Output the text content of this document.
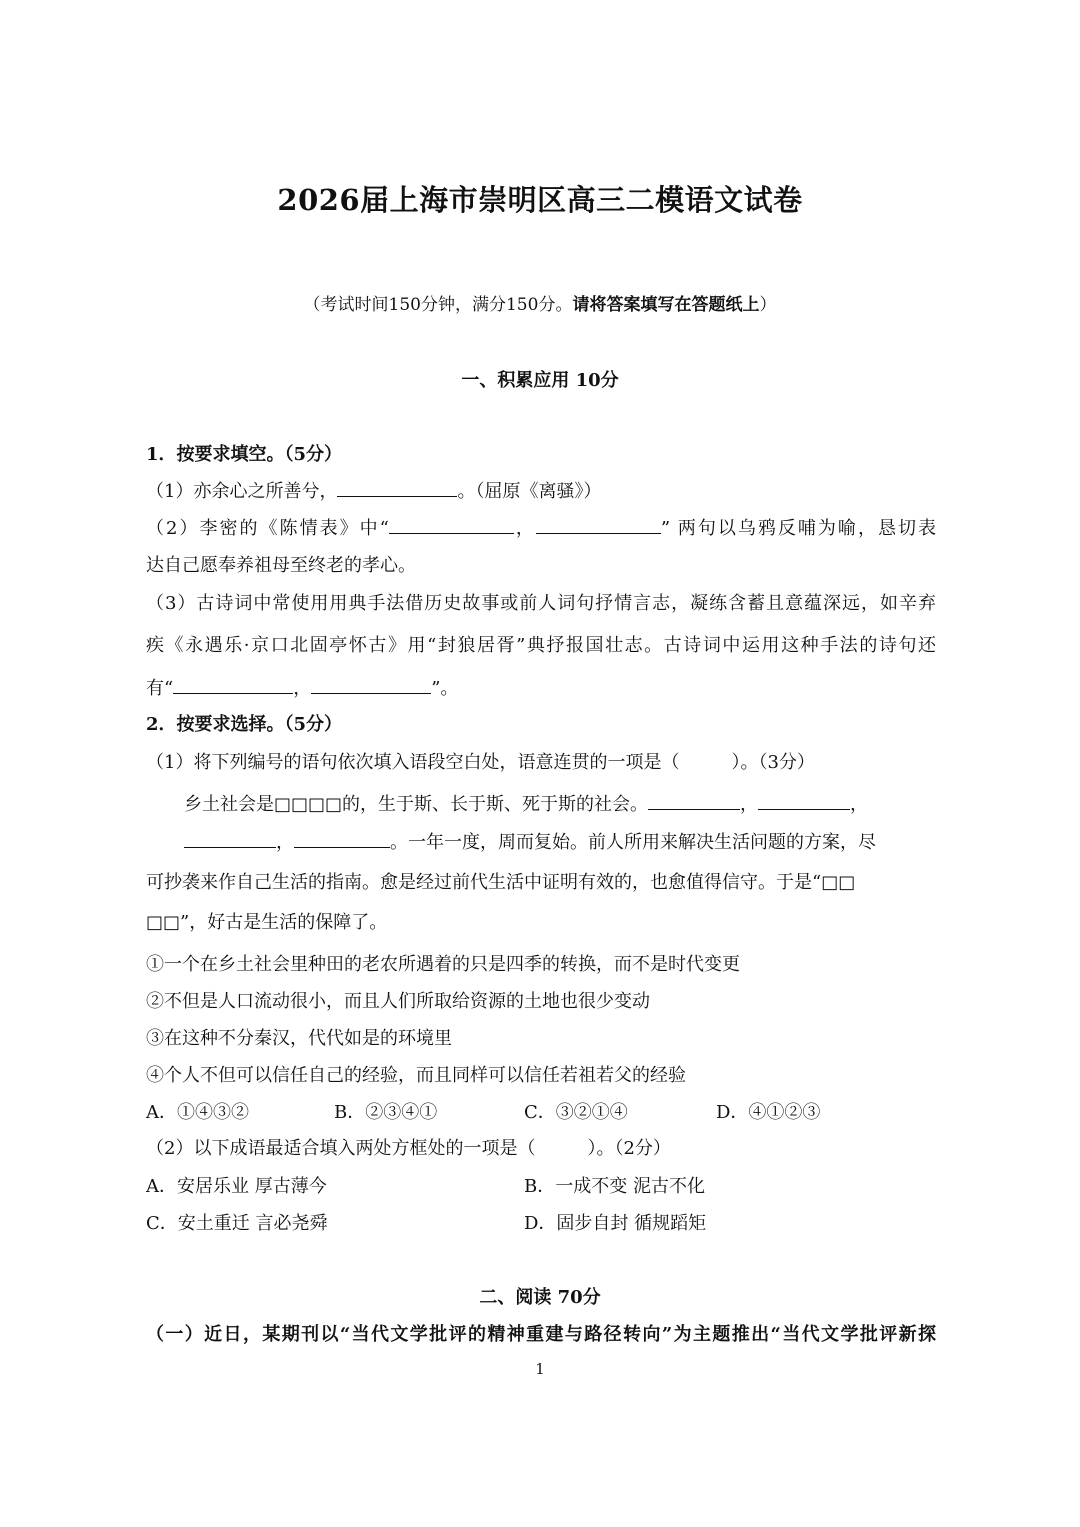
2026届上海市崇明区高三二模语文试卷
（考试时间150分钟，满分150分。请将答案填写在答题纸上）
一、积累应用 10分
1．按要求填空。（5分）
（1）亦余心之所善兮，	。（屈原《离骚》）
（2）李密的《陈情表》中“	，	” 两句以乌鸦反哺为喻，恳切表
达自己愿奉养祖母至终老的孝心。
（3）古诗词中常使用用典手法借历史故事或前人词句抒情言志，凝练含蓄且意蕴深远，如辛弃
疾《永遇乐·京口北固亭怀古》用“封狼居胥”典抒报国壮志。古诗词中运用这种手法的诗句还
有“	，	”。
2．按要求选择。（5分）
（1）将下列编号的语句依次填入语段空白处，语意连贯的一项是（	）。（3分）
乡土社会是□□□□的，生于斯、长于斯、死于斯的社会。	，	，
，	。一年一度，周而复始。前人所用来解决生活问题的方案，尽
可抄袭来作自己生活的指南。愈是经过前代生活中证明有效的，也愈值得信守。于是“□□
□□”，好古是生活的保障了。
①一个在乡土社会里种田的老农所遇着的只是四季的转换，而不是时代变更
②不但是人口流动很小，而且人们所取给资源的土地也很少变动
③在这种不分秦汉，代代如是的环境里
④个人不但可以信任自己的经验，而且同样可以信任若祖若父的经验
A．①④③②	B．②③④①	C．③②①④	D．④①②③
（2）以下成语最适合填入两处方框处的一项是（	）。（2分）
A．安居乐业 厚古薄今	B．一成不变 泥古不化
C．安土重迁 言必尧舜	D．固步自封 循规蹈矩
二、阅读 70分
（一）近日，某期刊以“当代文学批评的精神重建与路径转向”为主题推出“当代文学批评新探
1
